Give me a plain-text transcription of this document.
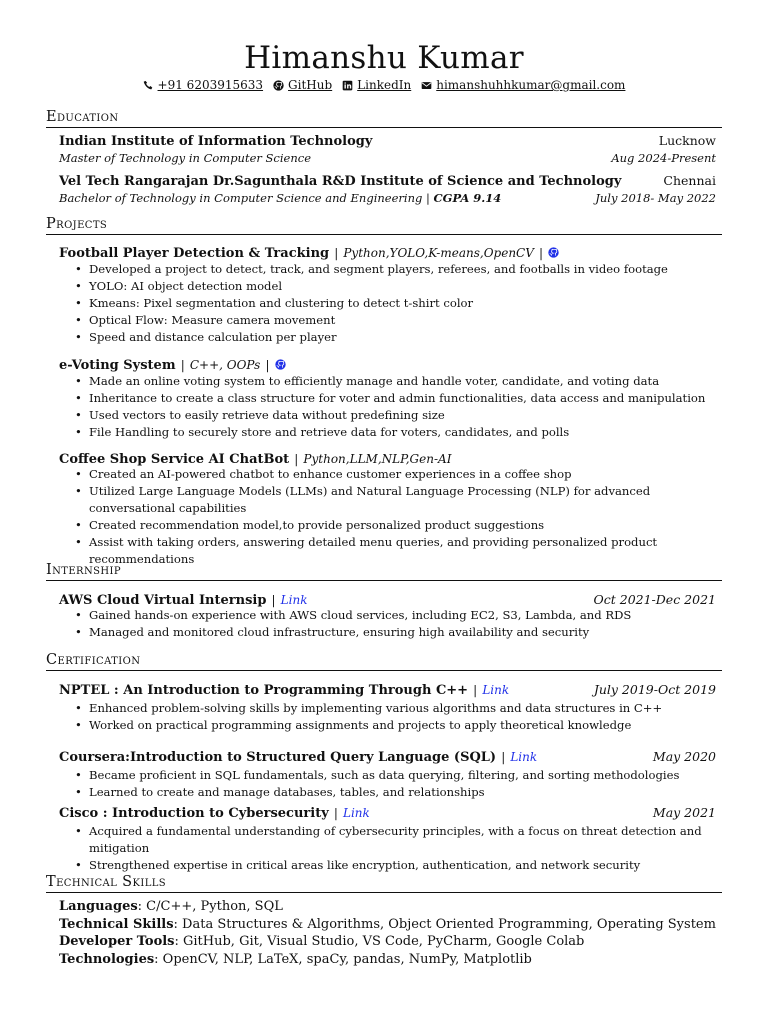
Himanshu Kumar
+91 6203915633 GitHub LinkedIn himanshuhhkumar@gmail.com
Education
Indian Institute of Information Technology	Lucknow
Master of Technology in Computer Science	Aug 2024-Present
Vel Tech Rangarajan Dr.Sagunthala R&D Institute of Science and Technology	Chennai
Bachelor of Technology in Computer Science and Engineering | CGPA 9.14	July 2018- May 2022
Projects
Football Player Detection & Tracking | Python,YOLO,K-means,OpenCV |
• Developed a project to detect, track, and segment players, referees, and footballs in video footage
• YOLO: AI object detection model
• Kmeans: Pixel segmentation and clustering to detect t-shirt color
• Optical Flow: Measure camera movement
• Speed and distance calculation per player
e-Voting System | C++, OOPs |
• Made an online voting system to efficiently manage and handle voter, candidate, and voting data
• Inheritance to create a class structure for voter and admin functionalities, data access and manipulation
• Used vectors to easily retrieve data without predefining size
• File Handling to securely store and retrieve data for voters, candidates, and polls
Coffee Shop Service AI ChatBot | Python,LLM,NLP,Gen-AI
• Created an AI-powered chatbot to enhance customer experiences in a coffee shop
• Utilized Large Language Models (LLMs) and Natural Language Processing (NLP) for advanced conversational capabilities
• Created recommendation model,to provide personalized product suggestions
• Assist with taking orders, answering detailed menu queries, and providing personalized product recommendations
Internship
AWS Cloud Virtual Internsip | Link	Oct 2021-Dec 2021
• Gained hands-on experience with AWS cloud services, including EC2, S3, Lambda, and RDS
• Managed and monitored cloud infrastructure, ensuring high availability and security
Certification
NPTEL : An Introduction to Programming Through C++ | Link	July 2019-Oct 2019
• Enhanced problem-solving skills by implementing various algorithms and data structures in C++
• Worked on practical programming assignments and projects to apply theoretical knowledge
Coursera:Introduction to Structured Query Language (SQL) | Link	May 2020
• Became proficient in SQL fundamentals, such as data querying, filtering, and sorting methodologies
• Learned to create and manage databases, tables, and relationships
Cisco : Introduction to Cybersecurity | Link	May 2021
• Acquired a fundamental understanding of cybersecurity principles, with a focus on threat detection and mitigation
• Strengthened expertise in critical areas like encryption, authentication, and network security
Technical Skills
Languages: C/C++, Python, SQL
Technical Skills: Data Structures & Algorithms, Object Oriented Programming, Operating System
Developer Tools: GitHub, Git, Visual Studio, VS Code, PyCharm, Google Colab
Technologies: OpenCV, NLP, LaTeX, spaCy, pandas, NumPy, Matplotlib
